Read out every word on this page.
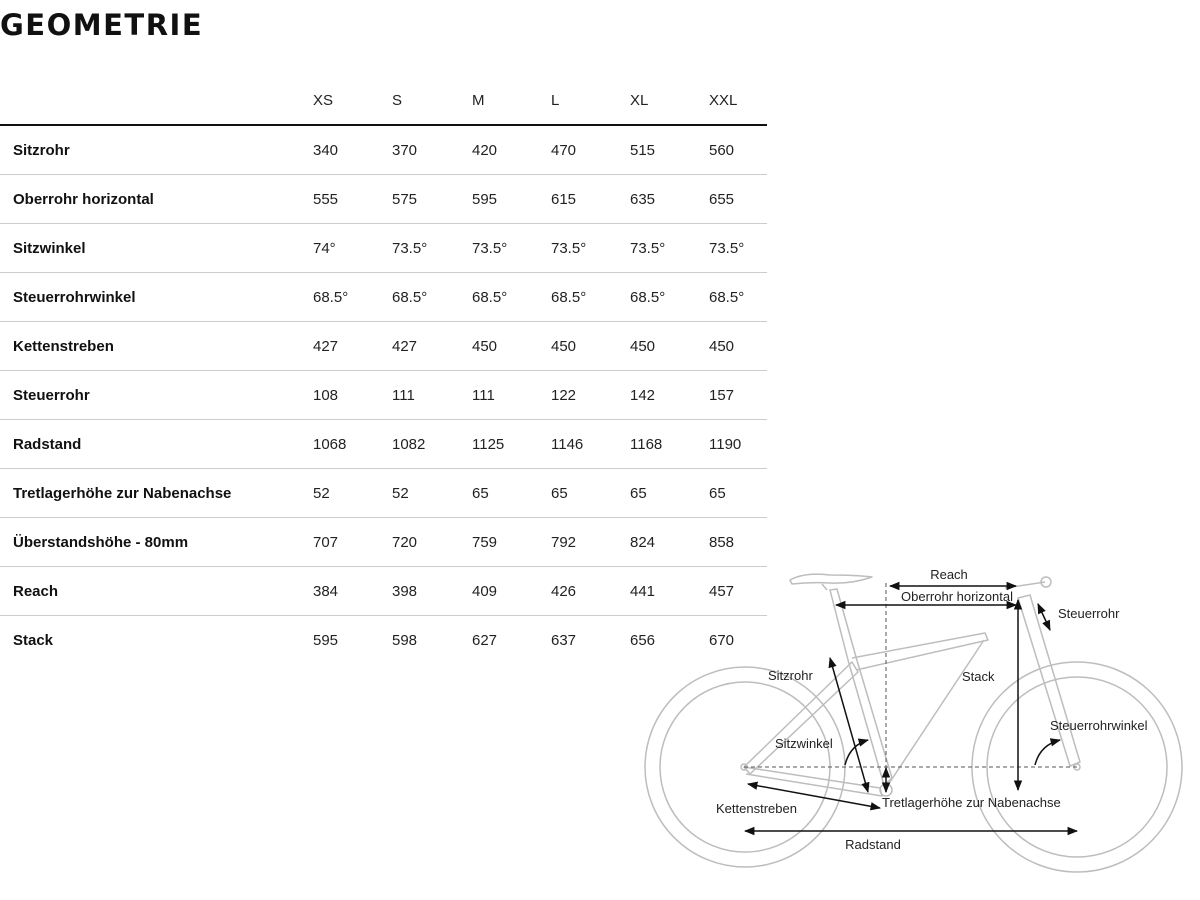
GEOMETRIE
	XS	S	M	L	XL	XXL
Sitzrohr	340	370	420	470	515	560
Oberrohr horizontal	555	575	595	615	635	655
Sitzwinkel	74°	73.5°	73.5°	73.5°	73.5°	73.5°
Steuerrohrwinkel	68.5°	68.5°	68.5°	68.5°	68.5°	68.5°
Kettenstreben	427	427	450	450	450	450
Steuerrohr	108	111	111	122	142	157
Radstand	1068	1082	1125	1146	1168	1190
Tretlagerhöhe zur Nabenachse	52	52	65	65	65	65
Überstandshöhe - 80mm	707	720	759	792	824	858
Reach	384	398	409	426	441	457
Stack	595	598	627	637	656	670
Reach
Oberrohr horizontal
Steuerrohr
Sitzrohr	Stack
Steuerrohrwinkel
Sitzwinkel
Kettenstreben	Tretlagerhöhe zur Nabenachse
Radstand
